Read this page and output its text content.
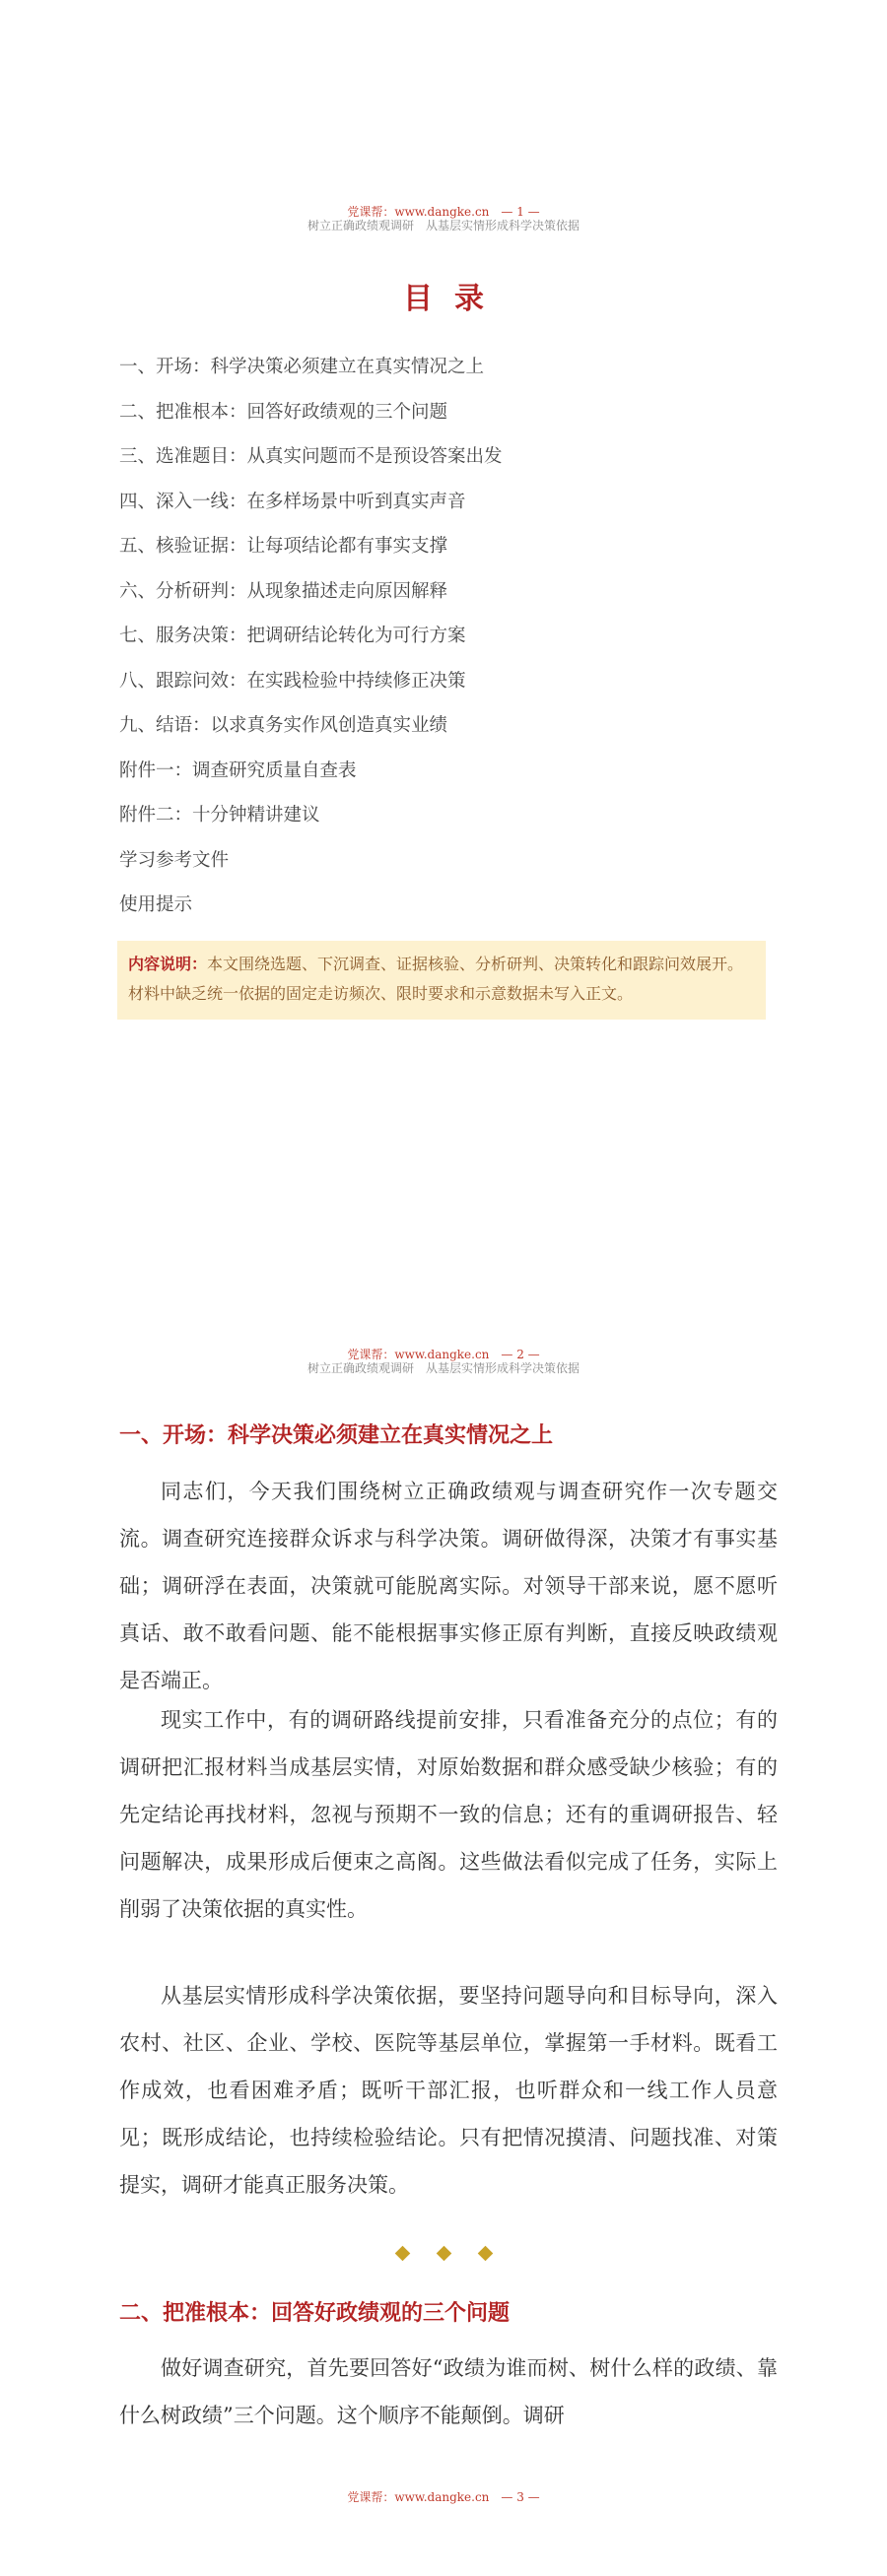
党课帮：www.dangke.cn　— 1 —
树立正确政绩观调研　从基层实情形成科学决策依据
目录
一、开场：科学决策必须建立在真实情况之上
二、把准根本：回答好政绩观的三个问题
三、选准题目：从真实问题而不是预设答案出发
四、深入一线：在多样场景中听到真实声音
五、核验证据：让每项结论都有事实支撑
六、分析研判：从现象描述走向原因解释
七、服务决策：把调研结论转化为可行方案
八、跟踪问效：在实践检验中持续修正决策
九、结语：以求真务实作风创造真实业绩
附件一：调查研究质量自查表
附件二：十分钟精讲建议
学习参考文件
使用提示
内容说明：本文围绕选题、下沉调查、证据核验、分析研判、决策转化和跟踪问效展开。材料中缺乏统一依据的固定走访频次、限时要求和示意数据未写入正文。
党课帮：www.dangke.cn　— 2 —
树立正确政绩观调研　从基层实情形成科学决策依据
一、开场：科学决策必须建立在真实情况之上

同志们，今天我们围绕树立正确政绩观与调查研究作一次专题交流。调查研究连接群众诉求与科学决策。调研做得深，决策才有事实基础；调研浮在表面，决策就可能脱离实际。对领导干部来说，愿不愿听真话、敢不敢看问题、能不能根据事实修正原有判断，直接反映政绩观是否端正。

现实工作中，有的调研路线提前安排，只看准备充分的点位；有的调研把汇报材料当成基层实情，对原始数据和群众感受缺少核验；有的先定结论再找材料，忽视与预期不一致的信息；还有的重调研报告、轻问题解决，成果形成后便束之高阁。这些做法看似完成了任务，实际上削弱了决策依据的真实性。

从基层实情形成科学决策依据，要坚持问题导向和目标导向，深入农村、社区、企业、学校、医院等基层单位，掌握第一手材料。既看工作成效，也看困难矛盾；既听干部汇报，也听群众和一线工作人员意见；既形成结论，也持续检验结论。只有把情况摸清、问题找准、对策提实，调研才能真正服务决策。

二、把准根本：回答好政绩观的三个问题

做好调查研究，首先要回答好“政绩为谁而树、树什么样的政绩、靠什么树政绩”三个问题。这个顺序不能颠倒。调研

党课帮：www.dangke.cn　— 3 —
